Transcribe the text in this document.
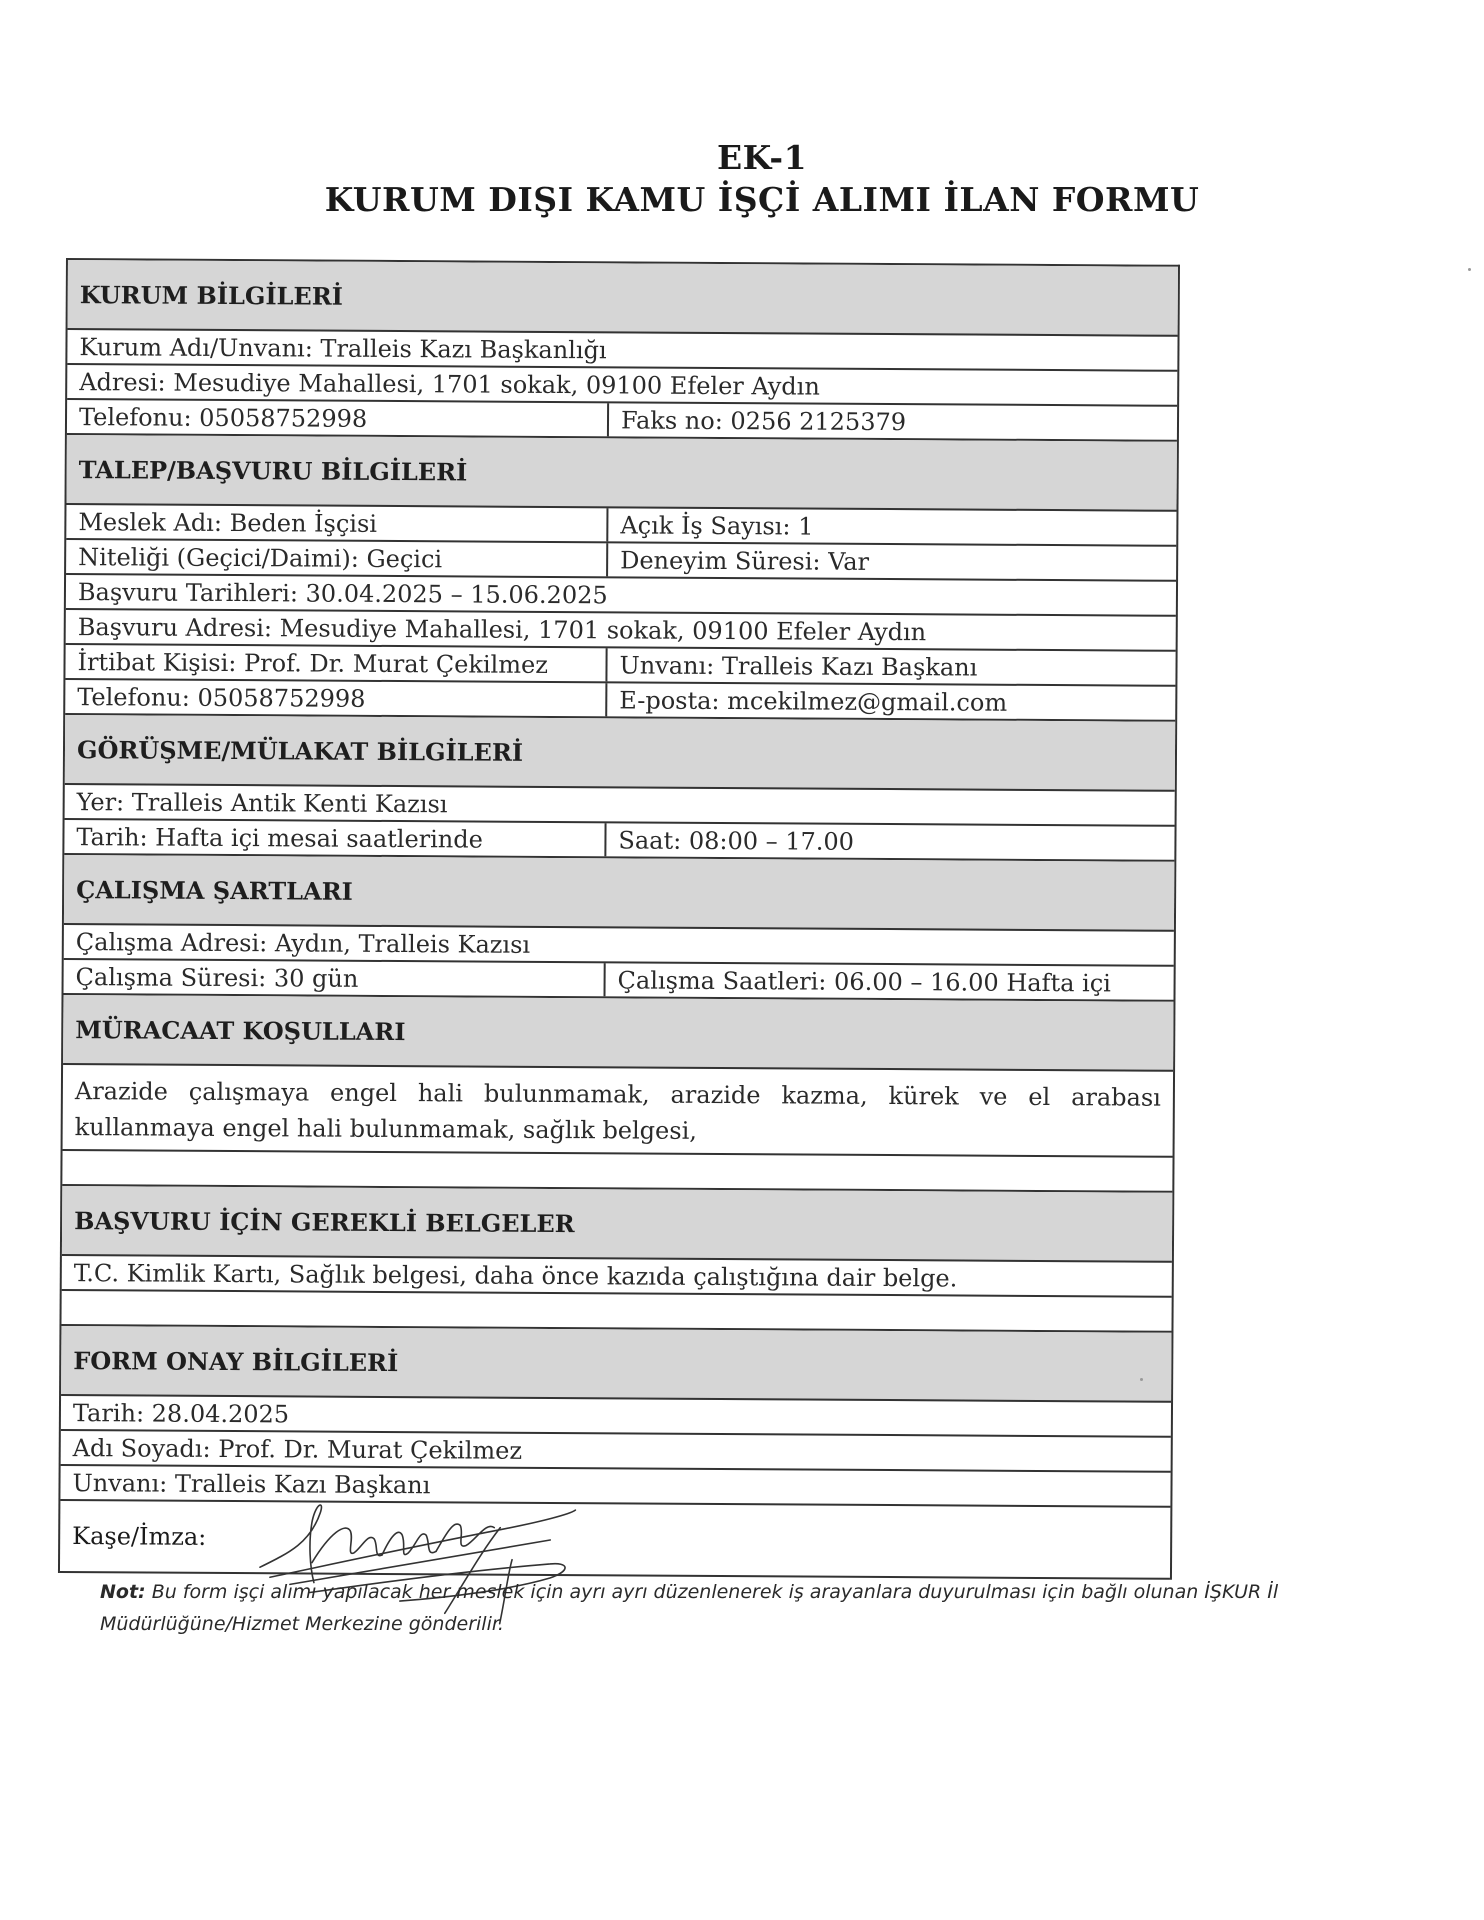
EK-1
KURUM DIŞI KAMU İŞÇİ ALIMI İLAN FORMU
KURUM BİLGİLERİ
Kurum Adı/Unvanı: Tralleis Kazı Başkanlığı
Adresi: Mesudiye Mahallesi, 1701 sokak, 09100 Efeler Aydın
Telefonu: 05058752998	Faks no: 0256 2125379
TALEP/BAŞVURU BİLGİLERİ
Meslek Adı: Beden İşçisi	Açık İş Sayısı: 1
Niteliği (Geçici/Daimi): Geçici	Deneyim Süresi: Var
Başvuru Tarihleri: 30.04.2025 – 15.06.2025
Başvuru Adresi: Mesudiye Mahallesi, 1701 sokak, 09100 Efeler Aydın
İrtibat Kişisi: Prof. Dr. Murat Çekilmez	Unvanı: Tralleis Kazı Başkanı
Telefonu: 05058752998	E-posta: mcekilmez@gmail.com
GÖRÜŞME/MÜLAKAT BİLGİLERİ
Yer: Tralleis Antik Kenti Kazısı
Tarih: Hafta içi mesai saatlerinde	Saat: 08:00 – 17.00
ÇALIŞMA ŞARTLARI
Çalışma Adresi: Aydın, Tralleis Kazısı
Çalışma Süresi: 30 gün	Çalışma Saatleri: 06.00 – 16.00 Hafta içi
MÜRACAAT KOŞULLARI
Arazide çalışmaya engel hali bulunmamak, arazide kazma, kürek ve el arabası kullanmaya engel hali bulunmamak, sağlık belgesi,
BAŞVURU İÇİN GEREKLİ BELGELER
T.C. Kimlik Kartı, Sağlık belgesi, daha önce kazıda çalıştığına dair belge.
FORM ONAY BİLGİLERİ
Tarih: 28.04.2025
Adı Soyadı: Prof. Dr. Murat Çekilmez
Unvanı: Tralleis Kazı Başkanı
Kaşe/İmza:
Not: Bu form işçi alımı yapılacak her meslek için ayrı ayrı düzenlenerek iş arayanlara duyurulması için bağlı olunan İŞKUR İl Müdürlüğüne/Hizmet Merkezine gönderilir.
